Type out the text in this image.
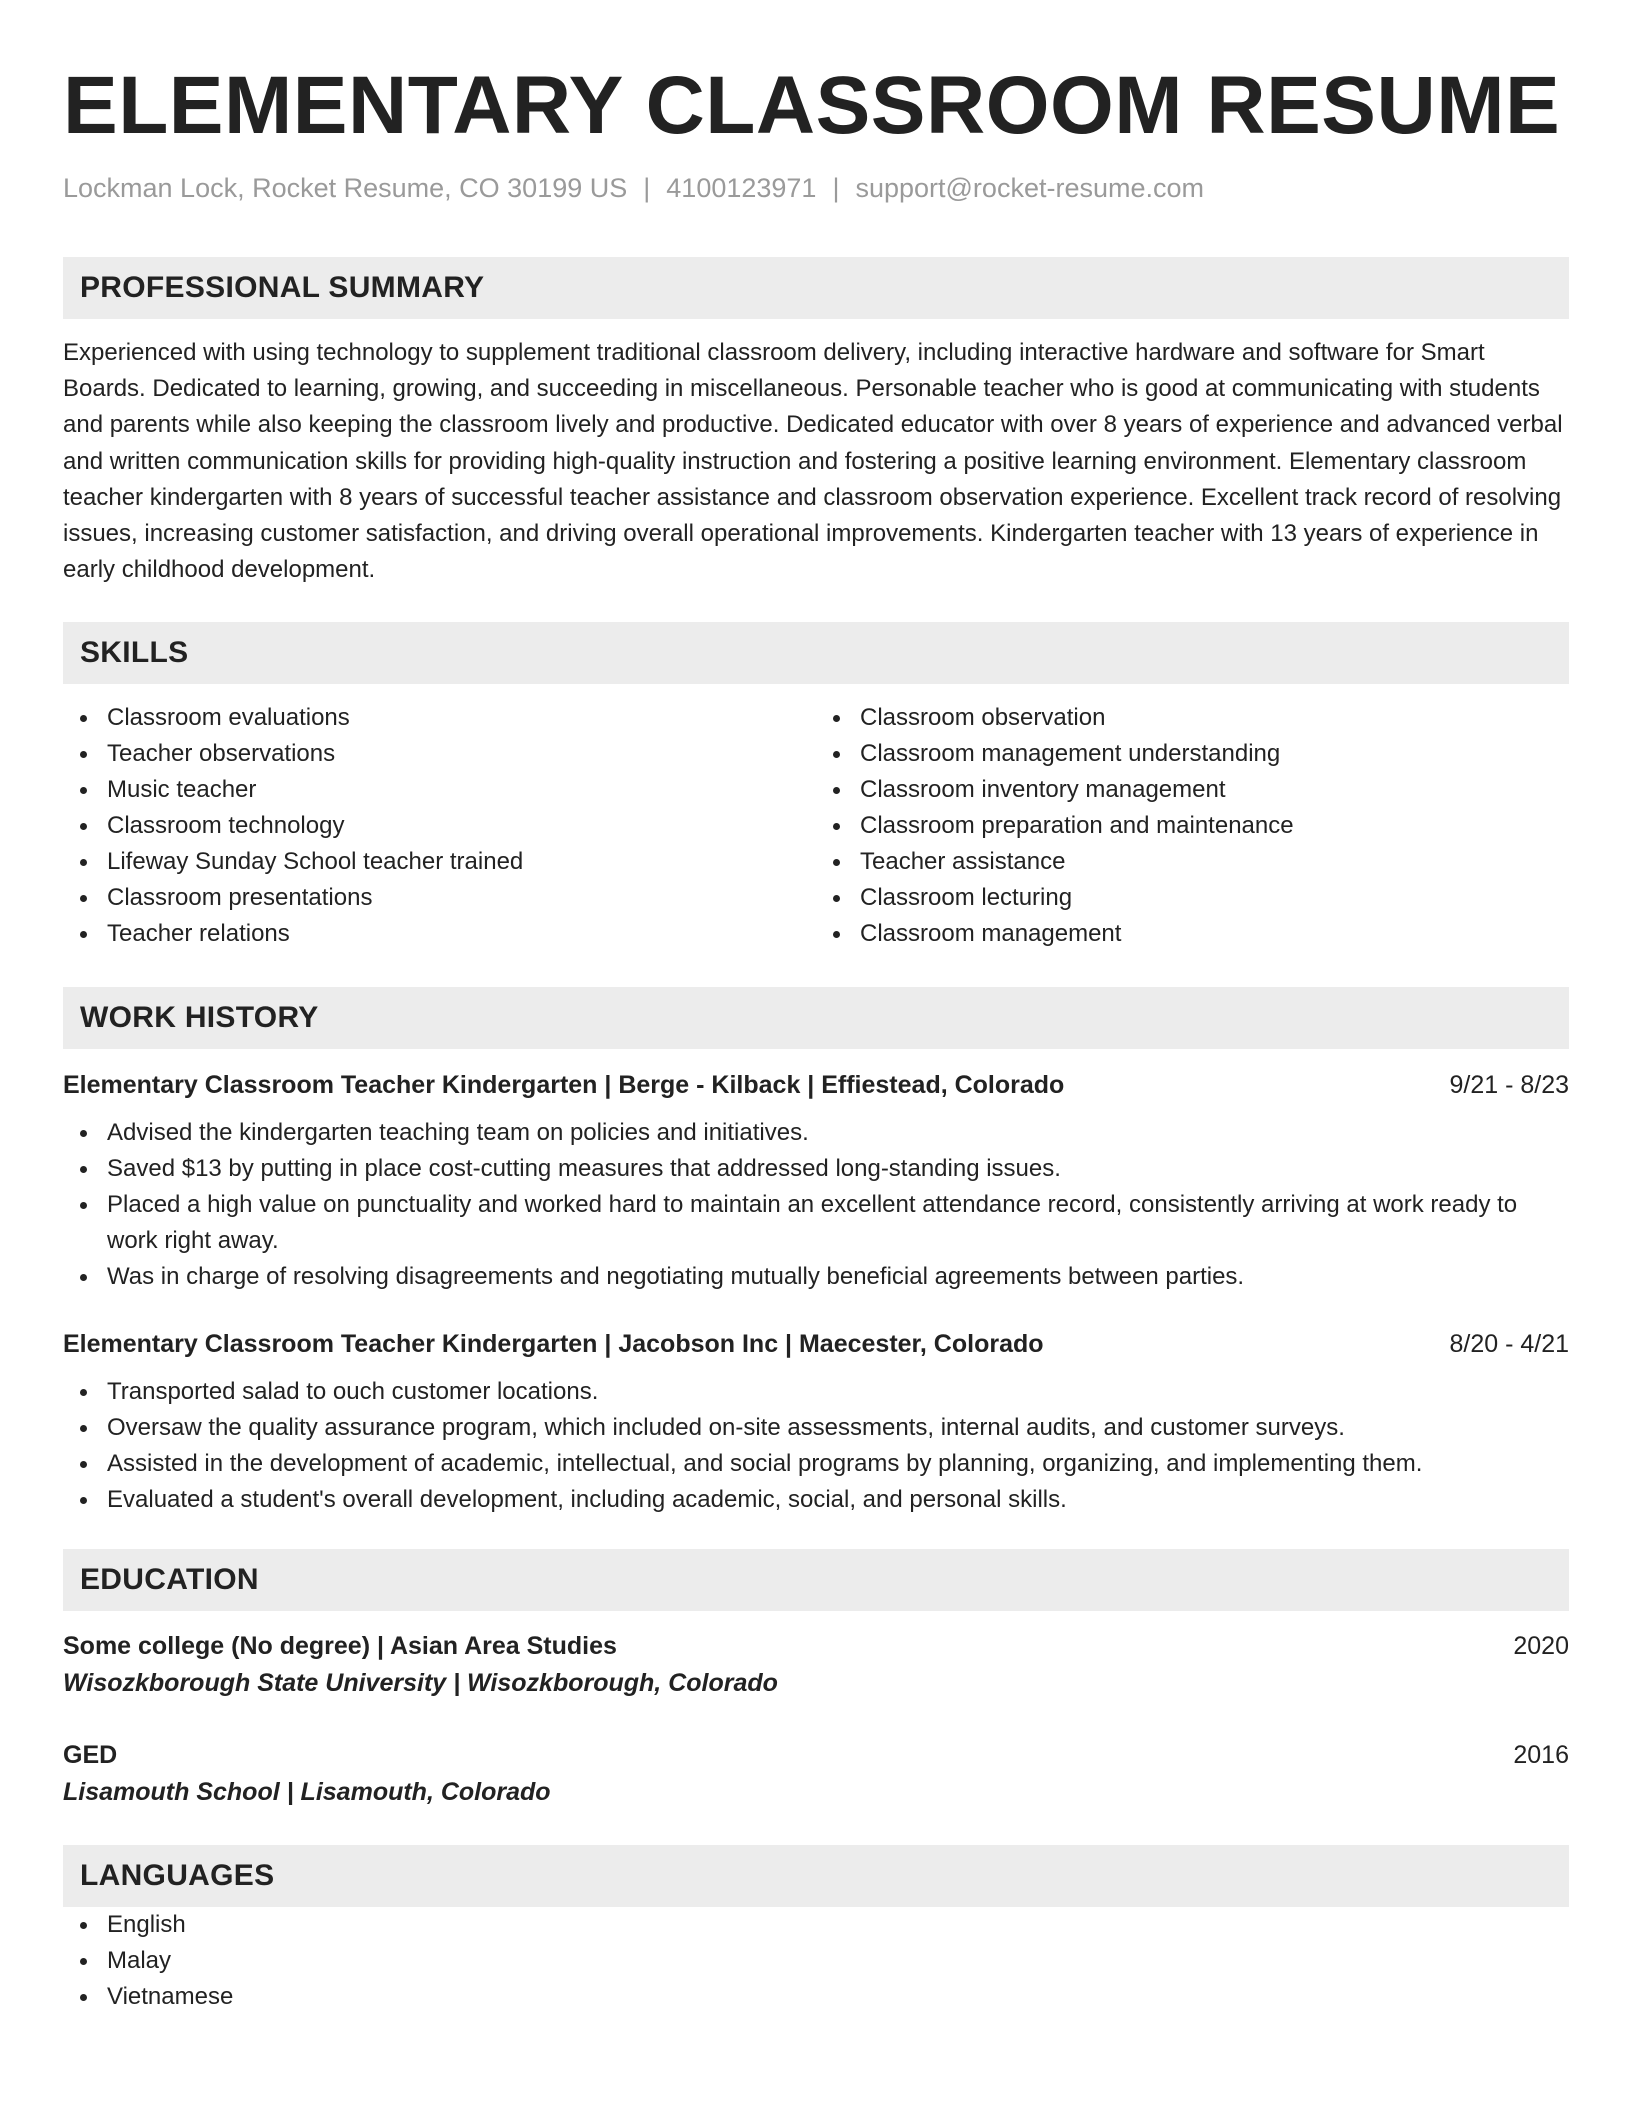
ELEMENTARY CLASSROOM RESUME
Lockman Lock, Rocket Resume, CO 30199 US | 4100123971 | support@rocket-resume.com
PROFESSIONAL SUMMARY

Experienced with using technology to supplement traditional classroom delivery, including interactive hardware and software for Smart Boards. Dedicated to learning, growing, and succeeding in miscellaneous. Personable teacher who is good at communicating with students and parents while also keeping the classroom lively and productive. Dedicated educator with over 8 years of experience and advanced verbal and written communication skills for providing high-quality instruction and fostering a positive learning environment. Elementary classroom teacher kindergarten with 8 years of successful teacher assistance and classroom observation experience. Excellent track record of resolving issues, increasing customer satisfaction, and driving overall operational improvements. Kindergarten teacher with 13 years of experience in early childhood development.

SKILLS
Classroom evaluations
Teacher observations
Music teacher
Classroom technology
Lifeway Sunday School teacher trained
Classroom presentations
Teacher relations
Classroom observation
Classroom management understanding
Classroom inventory management
Classroom preparation and maintenance
Teacher assistance
Classroom lecturing
Classroom management
WORK HISTORY
Elementary Classroom Teacher Kindergarten | Berge - Kilback | Effiestead, Colorado	9/21 - 8/23
Advised the kindergarten teaching team on policies and initiatives.
Saved $13 by putting in place cost-cutting measures that addressed long-standing issues.
Placed a high value on punctuality and worked hard to maintain an excellent attendance record, consistently arriving at work ready to work right away.
Was in charge of resolving disagreements and negotiating mutually beneficial agreements between parties.
Elementary Classroom Teacher Kindergarten | Jacobson Inc | Maecester, Colorado	8/20 - 4/21
Transported salad to ouch customer locations.
Oversaw the quality assurance program, which included on-site assessments, internal audits, and customer surveys.
Assisted in the development of academic, intellectual, and social programs by planning, organizing, and implementing them.
Evaluated a student's overall development, including academic, social, and personal skills.
EDUCATION
Some college (No degree) | Asian Area Studies	2020
Wisozkborough State University | Wisozkborough, Colorado
GED	2016
Lisamouth School | Lisamouth, Colorado
LANGUAGES
English
Malay
Vietnamese
